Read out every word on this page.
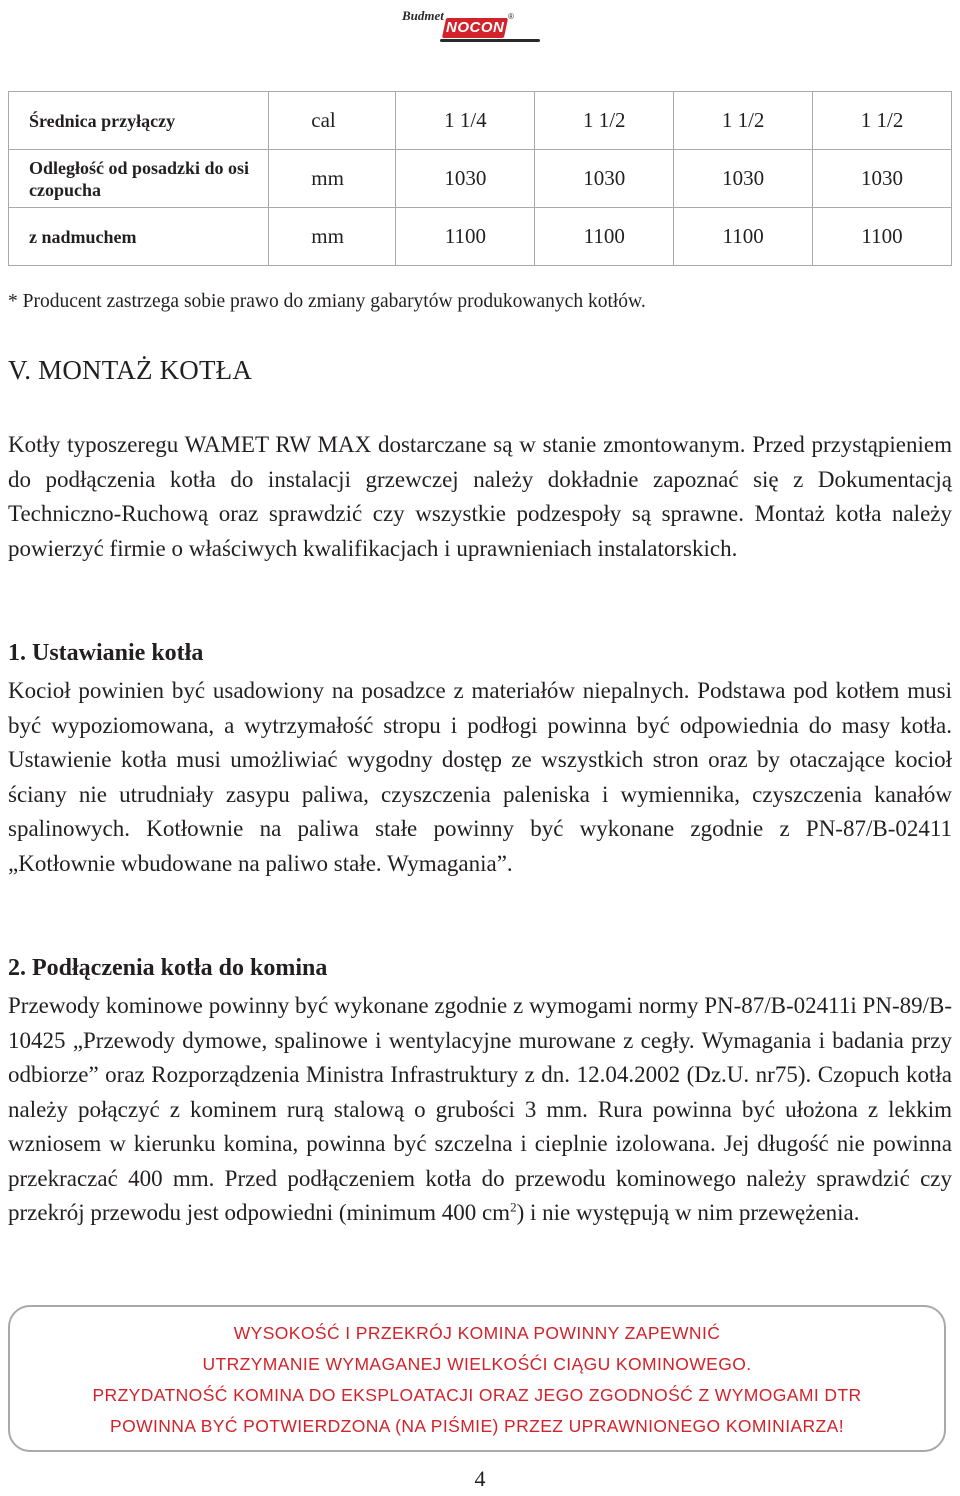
Budmet
NOCON
®
Średnica przyłączy	cal	1 1/4	1 1/2	1 1/2	1 1/2
Odległość od posadzki do osi czopucha	mm	1030	1030	1030	1030
z nadmuchem	mm	1100	1100	1100	1100
* Producent zastrzega sobie prawo do zmiany gabarytów produkowanych kotłów.
V. MONTAŻ KOTŁA

Kotły typoszeregu WAMET RW MAX dostarczane są w stanie zmontowanym. Przed przystąpieniem do podłączenia kotła do instalacji grzewczej należy dokładnie zapoznać się z Dokumentacją Techniczno-Ruchową oraz sprawdzić czy wszystkie podzespoły są sprawne. Montaż kotła należy powierzyć firmie o właściwych kwalifikacjach i uprawnieniach instalatorskich.

1. Ustawianie kotła

Kocioł powinien być usadowiony na posadzce z materiałów niepalnych. Podstawa pod kotłem musi być wypoziomowana, a wytrzymałość stropu i podłogi powinna być odpowiednia do masy kotła. Ustawienie kotła musi umożliwiać wygodny dostęp ze wszystkich stron oraz by otaczające kocioł ściany nie utrudniały zasypu paliwa, czyszczenia paleniska i wymiennika, czyszczenia kanałów spalinowych. Kotłownie na paliwa stałe powinny być wykonane zgodnie z PN-87/B-02411 „Kotłownie wbudowane na paliwo stałe. Wymagania”.

2. Podłączenia kotła do komina

Przewody kominowe powinny być wykonane zgodnie z wymogami normy PN-87/B-02411i PN-89/B-10425 „Przewody dymowe, spalinowe i wentylacyjne murowane z cegły. Wymagania i badania przy odbiorze” oraz Rozporządzenia Ministra Infrastruktury z dn. 12.04.2002 (Dz.U. nr75). Czopuch kotła należy połączyć z kominem rurą stalową o grubości 3 mm. Rura powinna być ułożona z lekkim wzniosem w kierunku komina, powinna być szczelna i cieplnie izolowana. Jej długość nie powinna przekraczać 400 mm. Przed podłączeniem kotła do przewodu kominowego należy sprawdzić czy przekrój przewodu jest odpowiedni (minimum 400 $cm^2$) i nie występują w nim przewężenia.

WYSOKOŚĆ I PRZEKRÓJ KOMINA POWINNY ZAPEWNIĆ
UTRZYMANIE WYMAGANEJ WIELKOŚĆI CIĄGU KOMINOWEGO.
PRZYDATNOŚĆ KOMINA DO EKSPLOATACJI ORAZ JEGO ZGODNOŚĆ Z WYMOGAMI DTR
POWINNA BYĆ POTWIERDZONA (NA PIŚMIE) PRZEZ UPRAWNIONEGO KOMINIARZA!
4
